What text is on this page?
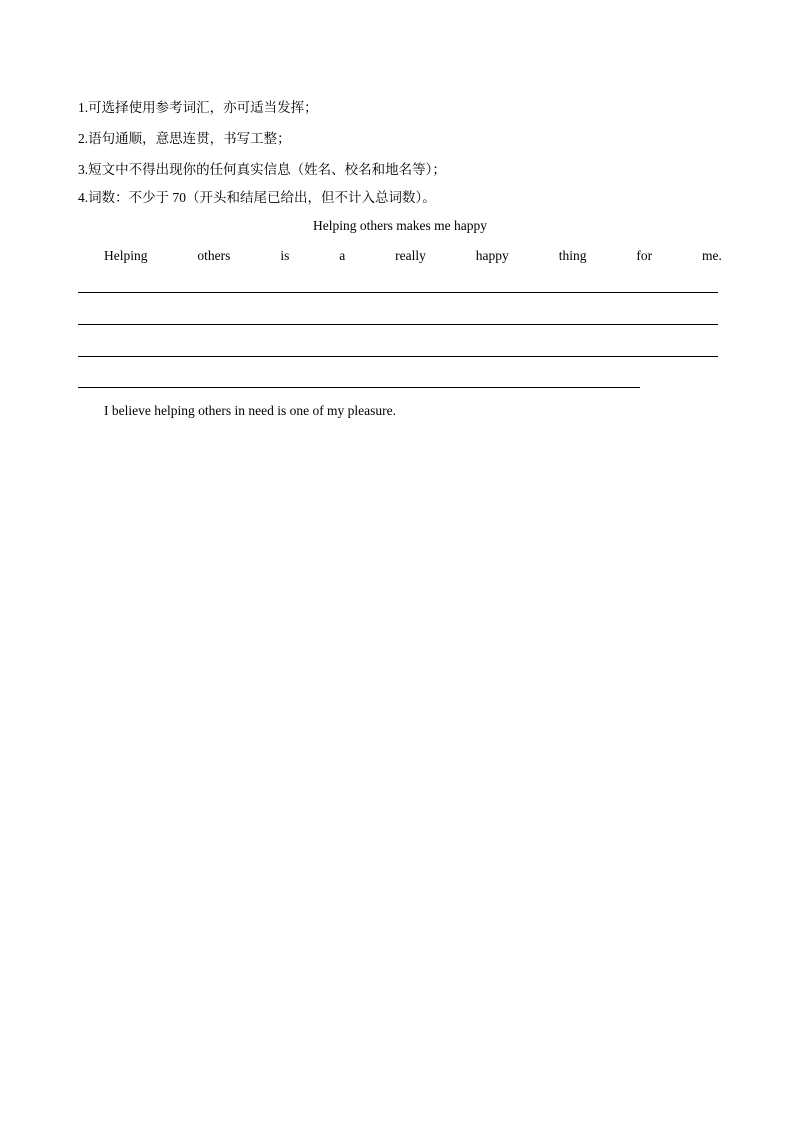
1.可选择使用参考词汇，亦可适当发挥；
2.语句通顺，意思连贯，书写工整；
3.短文中不得出现你的任何真实信息（姓名、校名和地名等）；
4.词数：不少于 70（开头和结尾已给出，但不计入总词数）。
Helping others makes me happy
Helping	others	is	a	really	happy	thing	for	me.
I believe helping others in need is one of my pleasure.
